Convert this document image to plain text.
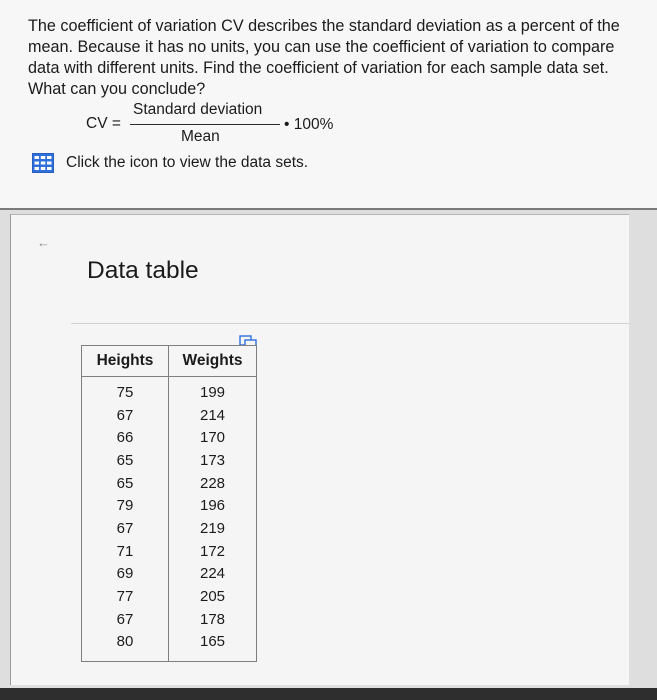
The coefficient of variation CV describes the standard deviation as a percent of the mean. Because it has no units, you can use the coefficient of variation to compare data with different units. Find the coefficient of variation for each sample data set. What can you conclude?
CV =
Standard deviation
Mean
• 100%
Click the icon to view the data sets.
←
Data table
Heights	Weights
75	199
67	214
66	170
65	173
65	228
79	196
67	219
71	172
69	224
77	205
67	178
80	165
